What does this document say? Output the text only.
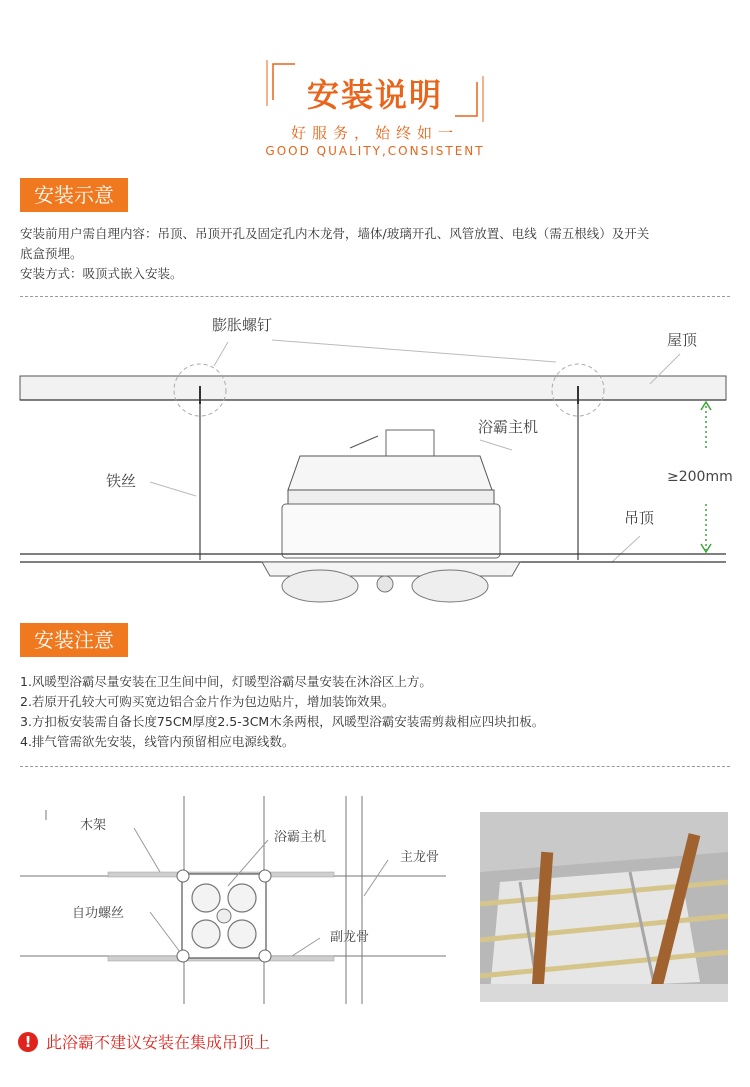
安装说明
好服务，始终如一
GOOD QUALITY,CONSISTENT
安装示意
安装前用户需自理内容：吊顶、吊顶开孔及固定孔内木龙骨，墙体/玻璃开孔、风管放置、电线（需五根线）及开关
底盒预埋。
安装方式：吸顶式嵌入安装。
膨胀螺钉
屋顶
浴霸主机
铁丝	≥200mm
吊顶
安装注意
1.风暖型浴霸尽量安装在卫生间中间，灯暖型浴霸尽量安装在沐浴区上方。
2.若原开孔较大可购买宽边铝合金片作为包边贴片，增加装饰效果。
3.方扣板安装需自备长度75CM厚度2.5-3CM木条两根，风暖型浴霸安装需剪裁相应四块扣板。
4.排气管需欲先安装，线管内预留相应电源线数。
木架
浴霸主机
主龙骨
自功螺丝
副龙骨
! 此浴霸不建议安装在集成吊顶上
